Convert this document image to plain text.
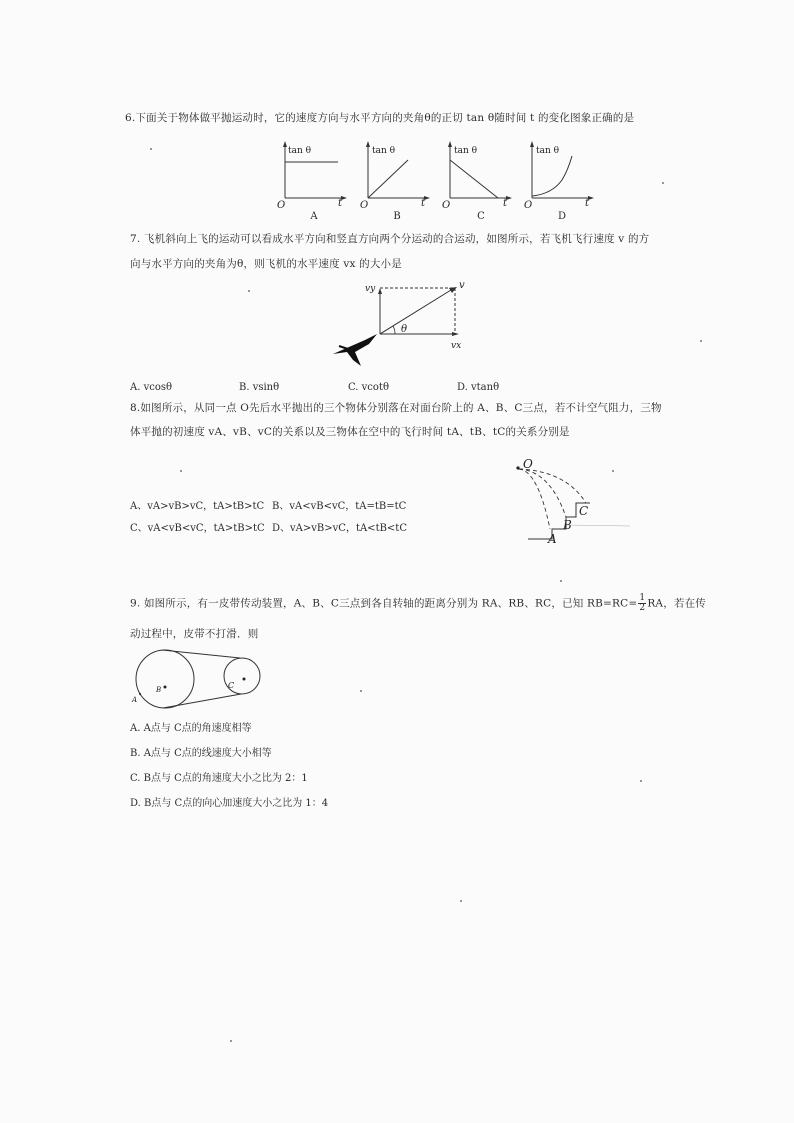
6.下面关于物体做平抛运动时，它的速度方向与水平方向的夹角θ的正切 tan θ随时间 t 的变化图象正确的是
tan θ
O	t
A
tan θ
O	t
B
tan θ
O	t
C
tan θ
O	t
D
7. 飞机斜向上飞的运动可以看成水平方向和竖直方向两个分运动的合运动，如图所示，若飞机飞行速度 v 的方
向与水平方向的夹角为θ，则飞机的水平速度 vx 的大小是
θ
v
vy
vx
A. vcosθ	B. vsinθ	C. vcotθ	D. vtanθ
8.如图所示，从同一点 O先后水平抛出的三个物体分别落在对面台阶上的 A、B、C三点，若不计空气阻力，三物
体平抛的初速度 vA、vB、vC的关系以及三物体在空中的飞行时间 tA、tB、tC的关系分别是
A、vA>vB>vC，tA>tB>tC B、vA<vB<vC，tA=tB=tC
C、vA<vB<vC，tA>tB>tC D、vA>vB>vC，tA<tB<tC
O
A
B
C
9. 如图所示，有一皮带传动装置，A、B、C三点到各自转轴的距离分别为 RA、RB、RC，已知 $RB=RC= \frac{1}{2}$ RA，若在传
动过程中，皮带不打滑．则
A
B	C
A. A点与 C点的角速度相等
B. A点与 C点的线速度大小相等
C. B点与 C点的角速度大小之比为 2：1
D. B点与 C点的向心加速度大小之比为 1：4
